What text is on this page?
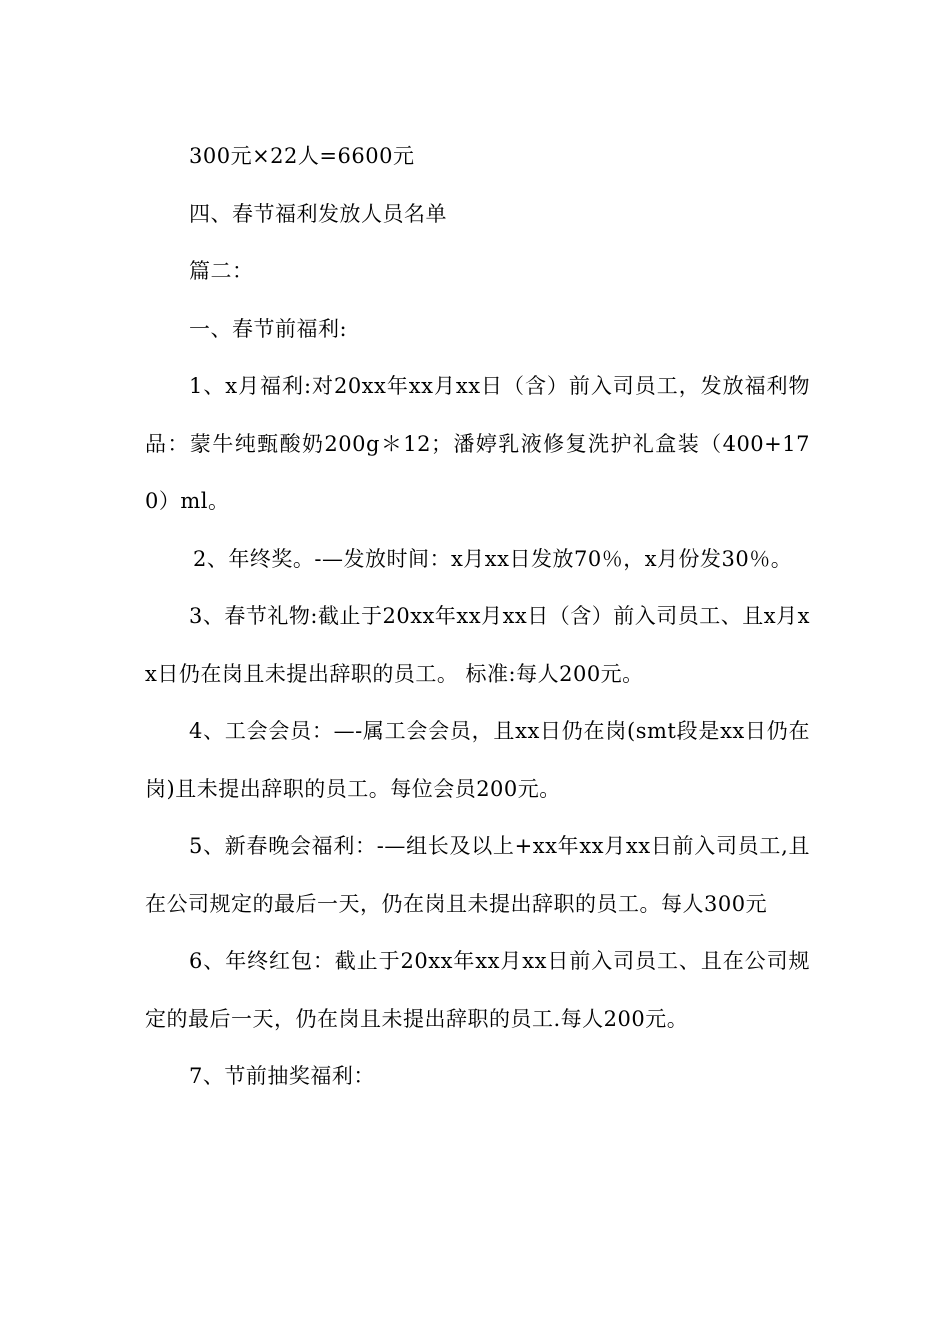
300元×22人=6600元

四、春节福利发放人员名单

篇二：

一、春节前福利:

1、x月福利:对20xx年xx月xx日（含）前入司员工，发放福利物品：蒙牛纯甄酸奶200g＊12；潘婷乳液修复洗护礼盒装（400+170）ml。

2、年终奖。-—发放时间：x月xx日发放70％，x月份发30％。

3、春节礼物:截止于20xx年xx月xx日（含）前入司员工、且x月xx日仍在岗且未提出辞职的员工。 标准:每人200元。

4、工会会员：—-属工会会员，且xx日仍在岗(smt段是xx日仍在岗)且未提出辞职的员工。每位会员200元。

5、新春晚会福利：-—组长及以上+xx年xx月xx日前入司员工,且在公司规定的最后一天，仍在岗且未提出辞职的员工。每人300元

6、年终红包：截止于20xx年xx月xx日前入司员工、且在公司规定的最后一天，仍在岗且未提出辞职的员工.每人200元。

7、节前抽奖福利：
